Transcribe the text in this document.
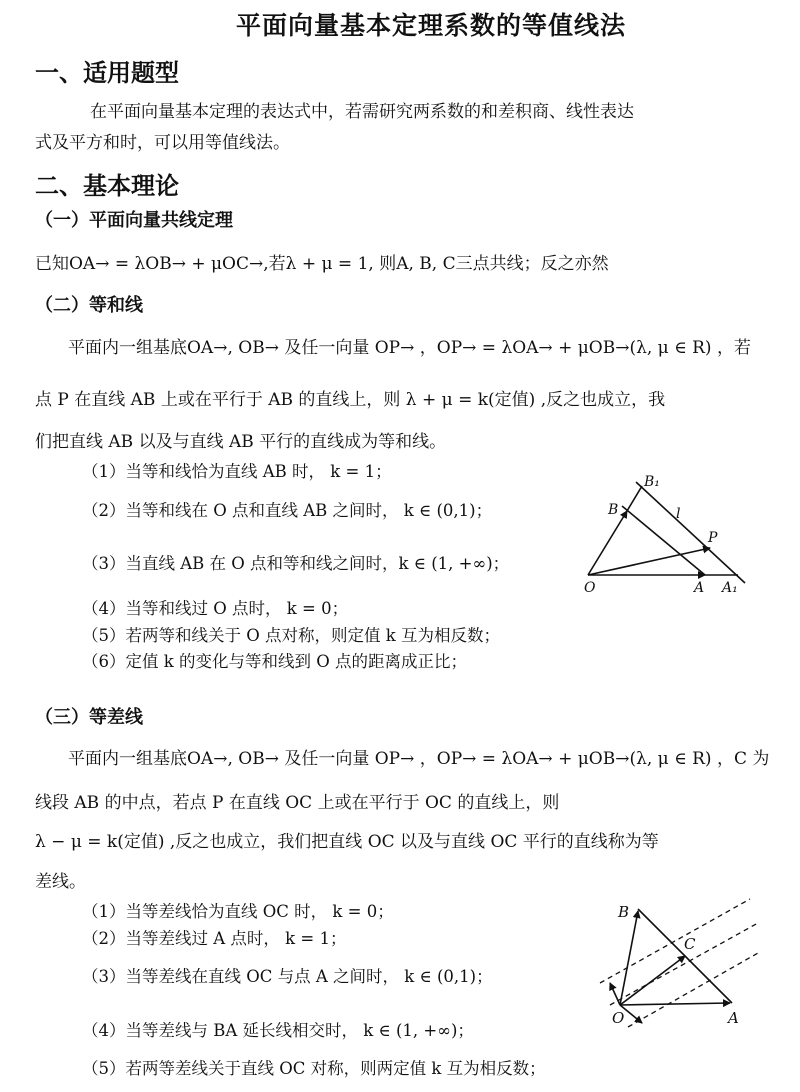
平面向量基本定理系数的等值线法
一、适用题型
在平面向量基本定理的表达式中，若需研究两系数的和差积商、线性表达
式及平方和时，可以用等值线法。
二、基本理论
（一）平面向量共线定理
已知OA→ = λOB→ + μOC→,若λ + μ = 1, 则A, B, C三点共线；反之亦然
（二）等和线
平面内一组基底OA→, OB→ 及任一向量 OP→ ，OP→ = λOA→ + μOB→(λ, μ ∈ R) ，若
点 P 在直线 AB 上或在平行于 AB 的直线上，则 λ + μ = k(定值) ,反之也成立，我
们把直线 AB 以及与直线 AB 平行的直线成为等和线。
（1）当等和线恰为直线 AB 时， k = 1；
（2）当等和线在 O 点和直线 AB 之间时， k ∈ (0,1)；
（3）当直线 AB 在 O 点和等和线之间时，k ∈ (1, +∞)；
（4）当等和线过 O 点时， k = 0；
（5）若两等和线关于 O 点对称，则定值 k 互为相反数；
（6）定值 k 的变化与等和线到 O 点的距离成正比；
B₁
B	l
P
O	A A₁
（三）等差线
平面内一组基底OA→, OB→ 及任一向量 OP→ ，OP→ = λOA→ + μOB→(λ, μ ∈ R) ，C 为
线段 AB 的中点，若点 P 在直线 OC 上或在平行于 OC 的直线上，则
λ − μ = k(定值) ,反之也成立，我们把直线 OC 以及与直线 OC 平行的直线称为等
差线。
（1）当等差线恰为直线 OC 时， k = 0；
（2）当等差线过 A 点时， k = 1；
（3）当等差线在直线 OC 与点 A 之间时， k ∈ (0,1)；
（4）当等差线与 BA 延长线相交时， k ∈ (1, +∞)；
（5）若两等差线关于直线 OC 对称，则两定值 k 互为相反数；
B
C
O	A
